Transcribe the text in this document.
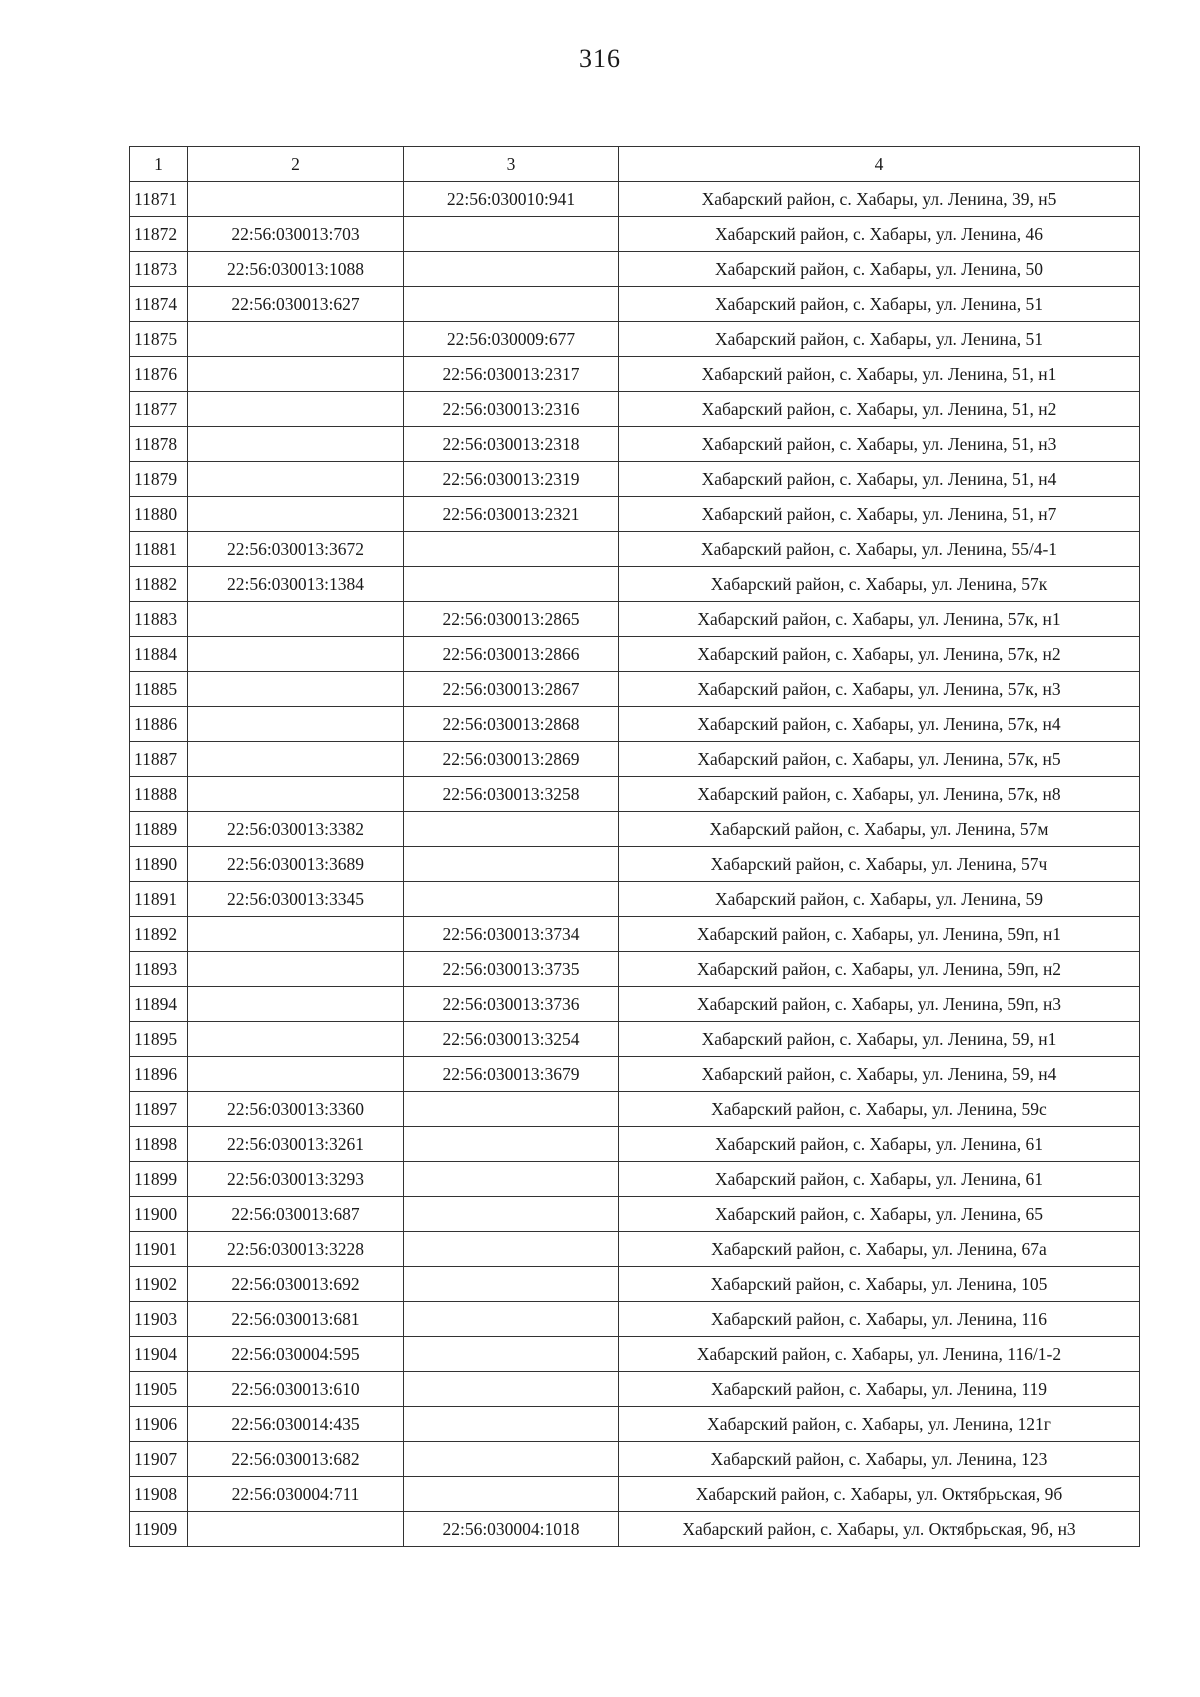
316
1	2	3	4
11871		22:56:030010:941	Хабарский район, с. Хабары, ул. Ленина, 39, н5
11872	22:56:030013:703		Хабарский район, с. Хабары, ул. Ленина, 46
11873	22:56:030013:1088		Хабарский район, с. Хабары, ул. Ленина, 50
11874	22:56:030013:627		Хабарский район, с. Хабары, ул. Ленина, 51
11875		22:56:030009:677	Хабарский район, с. Хабары, ул. Ленина, 51
11876		22:56:030013:2317	Хабарский район, с. Хабары, ул. Ленина, 51, н1
11877		22:56:030013:2316	Хабарский район, с. Хабары, ул. Ленина, 51, н2
11878		22:56:030013:2318	Хабарский район, с. Хабары, ул. Ленина, 51, н3
11879		22:56:030013:2319	Хабарский район, с. Хабары, ул. Ленина, 51, н4
11880		22:56:030013:2321	Хабарский район, с. Хабары, ул. Ленина, 51, н7
11881	22:56:030013:3672		Хабарский район, с. Хабары, ул. Ленина, 55/4-1
11882	22:56:030013:1384		Хабарский район, с. Хабары, ул. Ленина, 57к
11883		22:56:030013:2865	Хабарский район, с. Хабары, ул. Ленина, 57к, н1
11884		22:56:030013:2866	Хабарский район, с. Хабары, ул. Ленина, 57к, н2
11885		22:56:030013:2867	Хабарский район, с. Хабары, ул. Ленина, 57к, н3
11886		22:56:030013:2868	Хабарский район, с. Хабары, ул. Ленина, 57к, н4
11887		22:56:030013:2869	Хабарский район, с. Хабары, ул. Ленина, 57к, н5
11888		22:56:030013:3258	Хабарский район, с. Хабары, ул. Ленина, 57к, н8
11889	22:56:030013:3382		Хабарский район, с. Хабары, ул. Ленина, 57м
11890	22:56:030013:3689		Хабарский район, с. Хабары, ул. Ленина, 57ч
11891	22:56:030013:3345		Хабарский район, с. Хабары, ул. Ленина, 59
11892		22:56:030013:3734	Хабарский район, с. Хабары, ул. Ленина, 59п, н1
11893		22:56:030013:3735	Хабарский район, с. Хабары, ул. Ленина, 59п, н2
11894		22:56:030013:3736	Хабарский район, с. Хабары, ул. Ленина, 59п, н3
11895		22:56:030013:3254	Хабарский район, с. Хабары, ул. Ленина, 59, н1
11896		22:56:030013:3679	Хабарский район, с. Хабары, ул. Ленина, 59, н4
11897	22:56:030013:3360		Хабарский район, с. Хабары, ул. Ленина, 59с
11898	22:56:030013:3261		Хабарский район, с. Хабары, ул. Ленина, 61
11899	22:56:030013:3293		Хабарский район, с. Хабары, ул. Ленина, 61
11900	22:56:030013:687		Хабарский район, с. Хабары, ул. Ленина, 65
11901	22:56:030013:3228		Хабарский район, с. Хабары, ул. Ленина, 67а
11902	22:56:030013:692		Хабарский район, с. Хабары, ул. Ленина, 105
11903	22:56:030013:681		Хабарский район, с. Хабары, ул. Ленина, 116
11904	22:56:030004:595		Хабарский район, с. Хабары, ул. Ленина, 116/1-2
11905	22:56:030013:610		Хабарский район, с. Хабары, ул. Ленина, 119
11906	22:56:030014:435		Хабарский район, с. Хабары, ул. Ленина, 121г
11907	22:56:030013:682		Хабарский район, с. Хабары, ул. Ленина, 123
11908	22:56:030004:711		Хабарский район, с. Хабары, ул. Октябрьская, 9б
11909		22:56:030004:1018	Хабарский район, с. Хабары, ул. Октябрьская, 9б, н3
